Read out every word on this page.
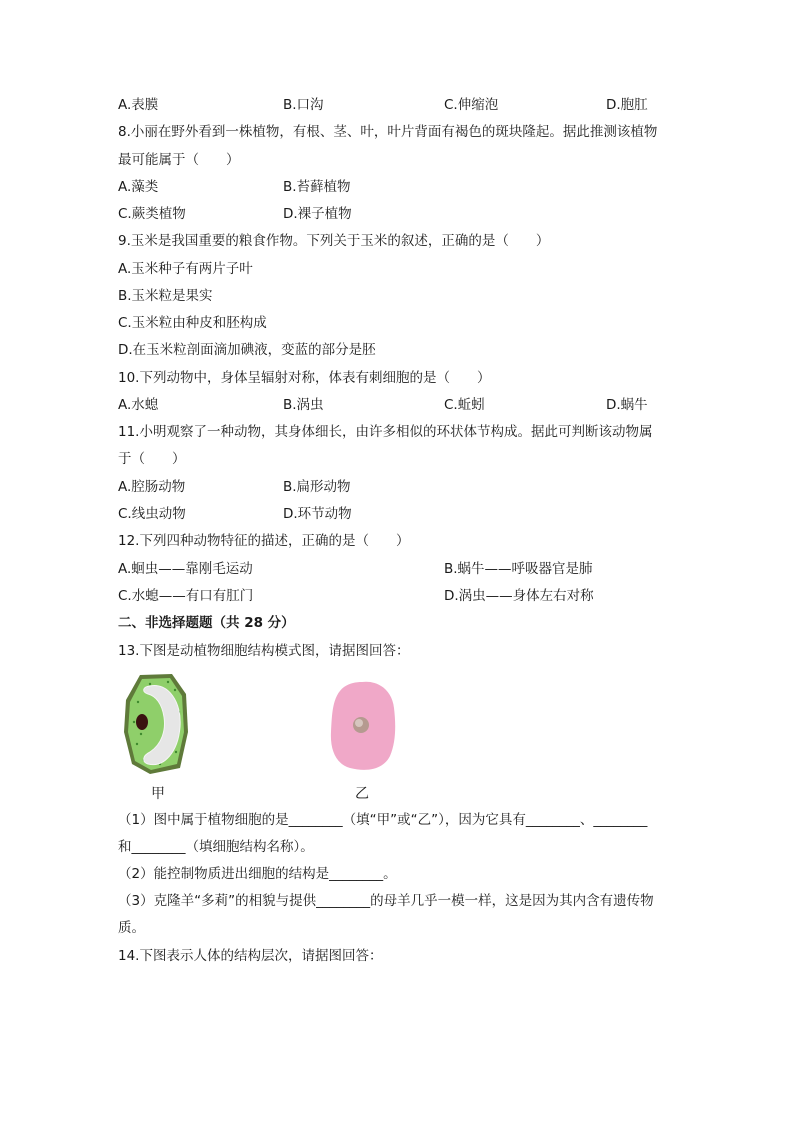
A.表膜	B.口沟	C.伸缩泡	D.胞肛
8.小丽在野外看到一株植物，有根、茎、叶，叶片背面有褐色的斑块隆起。据此推测该植物
最可能属于（　　）
A.藻类	B.苔藓植物
C.蕨类植物	D.裸子植物
9.玉米是我国重要的粮食作物。下列关于玉米的叙述，正确的是（　　）
A.玉米种子有两片子叶
B.玉米粒是果实
C.玉米粒由种皮和胚构成
D.在玉米粒剖面滴加碘液，变蓝的部分是胚
10.下列动物中，身体呈辐射对称，体表有刺细胞的是（　　）
A.水螅	B.涡虫	C.蚯蚓	D.蜗牛
11.小明观察了一种动物，其身体细长，由许多相似的环状体节构成。据此可判断该动物属
于（　　）
A.腔肠动物	B.扁形动物
C.线虫动物	D.环节动物
12.下列四种动物特征的描述，正确的是（　　）
A.蛔虫——靠刚毛运动	B.蜗牛——呼吸器官是肺
C.水螅——有口有肛门	D.涡虫——身体左右对称
二、非选择题题（共 28 分）
13.下图是动植物细胞结构模式图，请据图回答：
甲	乙
（1）图中属于植物细胞的是________（填“甲”或“乙”），因为它具有________、________
和________（填细胞结构名称）。
（2）能控制物质进出细胞的结构是________。
（3）克隆羊“多莉”的相貌与提供________的母羊几乎一模一样，这是因为其内含有遗传物
质。
14.下图表示人体的结构层次，请据图回答：
